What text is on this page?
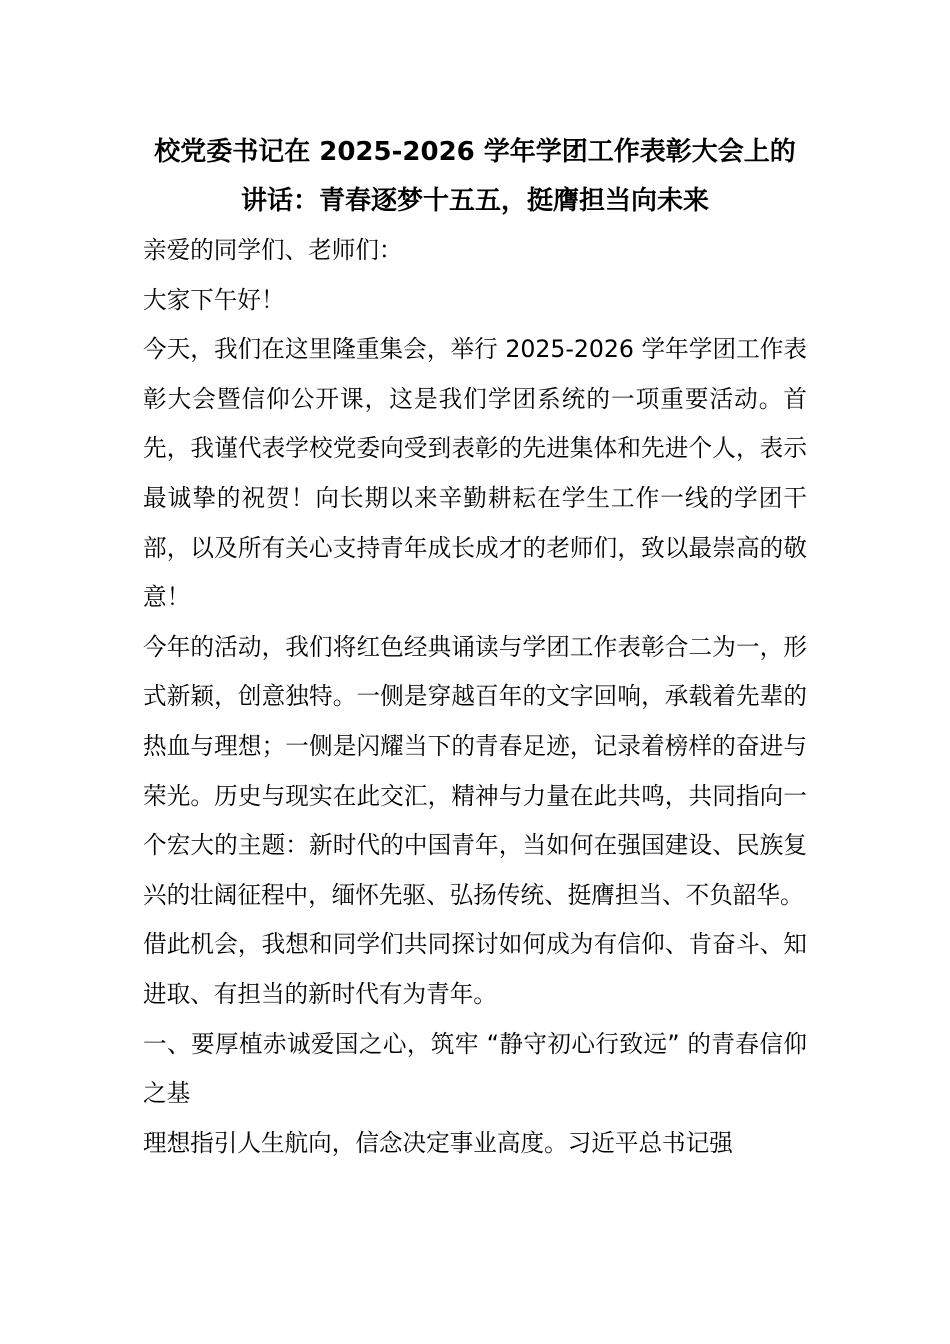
校党委书记在 2025-2026 学年学团工作表彰大会上的
讲话：青春逐梦十五五，挺膺担当向未来

亲爱的同学们、老师们：

大家下午好！

今天，我们在这里隆重集会，举行 2025-2026 学年学团工作表彰大会暨信仰公开课，这是我们学团系统的一项重要活动。首先，我谨代表学校党委向受到表彰的先进集体和先进个人，表示最诚挚的祝贺！向长期以来辛勤耕耘在学生工作一线的学团干部，以及所有关心支持青年成长成才的老师们，致以最崇高的敬意！

今年的活动，我们将红色经典诵读与学团工作表彰合二为一，形式新颖，创意独特。一侧是穿越百年的文字回响，承载着先辈的热血与理想；一侧是闪耀当下的青春足迹，记录着榜样的奋进与荣光。历史与现实在此交汇，精神与力量在此共鸣，共同指向一个宏大的主题：新时代的中国青年，当如何在强国建设、民族复兴的壮阔征程中，缅怀先驱、弘扬传统、挺膺担当、不负韶华。

借此机会，我想和同学们共同探讨如何成为有信仰、肯奋斗、知进取、有担当的新时代有为青年。

一、要厚植赤诚爱国之心，筑牢 “静守初心行致远” 的青春信仰之基

理想指引人生航向，信念决定事业高度。习近平总书记强
